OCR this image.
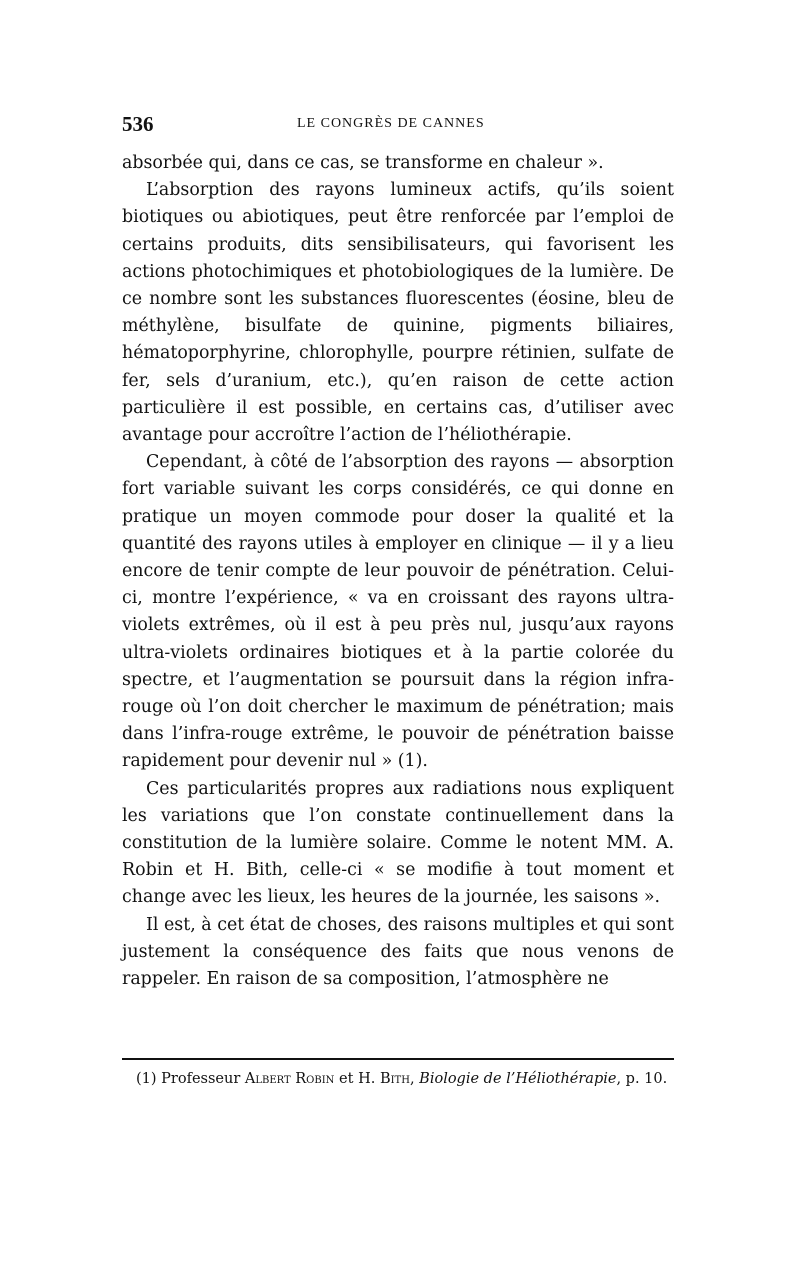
536	LE CONGRÈS DE CANNES

absorbée qui, dans ce cas, se transforme en chaleur ».

L’absorption des rayons lumineux actifs, qu’ils soient biotiques ou abiotiques, peut être renforcée par l’emploi de certains produits, dits sensibilisateurs, qui favorisent les actions photochimiques et photobiologiques de la lumière. De ce nombre sont les substances fluorescentes (éosine, bleu de méthylène, bisulfate de quinine, pigments biliaires, hématoporphyrine, chlorophylle, pourpre rétinien, sulfate de fer, sels d’uranium, etc.), qu’en raison de cette action particulière il est possible, en certains cas, d’utiliser avec avantage pour accroître l’action de l’héliothérapie.

Cependant, à côté de l’absorption des rayons — absorption fort variable suivant les corps considérés, ce qui donne en pratique un moyen commode pour doser la qualité et la quantité des rayons utiles à employer en clinique — il y a lieu encore de tenir compte de leur pouvoir de pénétration. Celui-ci, montre l’expérience, « va en croissant des rayons ultra-violets extrêmes, où il est à peu près nul, jusqu’aux rayons ultra-violets ordinaires biotiques et à la partie colorée du spectre, et l’augmentation se poursuit dans la région infra-rouge où l’on doit chercher le maximum de pénétration; mais dans l’infra-rouge extrême, le pouvoir de pénétration baisse rapidement pour devenir nul » (1).

Ces particularités propres aux radiations nous expliquent les variations que l’on constate continuellement dans la constitution de la lumière solaire. Comme le notent MM. A. Robin et H. Bith, celle-ci « se modifie à tout moment et change avec les lieux, les heures de la journée, les saisons ».

Il est, à cet état de choses, des raisons multiples et qui sont justement la conséquence des faits que nous venons de rappeler. En raison de sa composition, l’atmosphère ne

(1) Professeur Albert Robin et H. Bith, Biologie de l’Héliothérapie, p. 10.
